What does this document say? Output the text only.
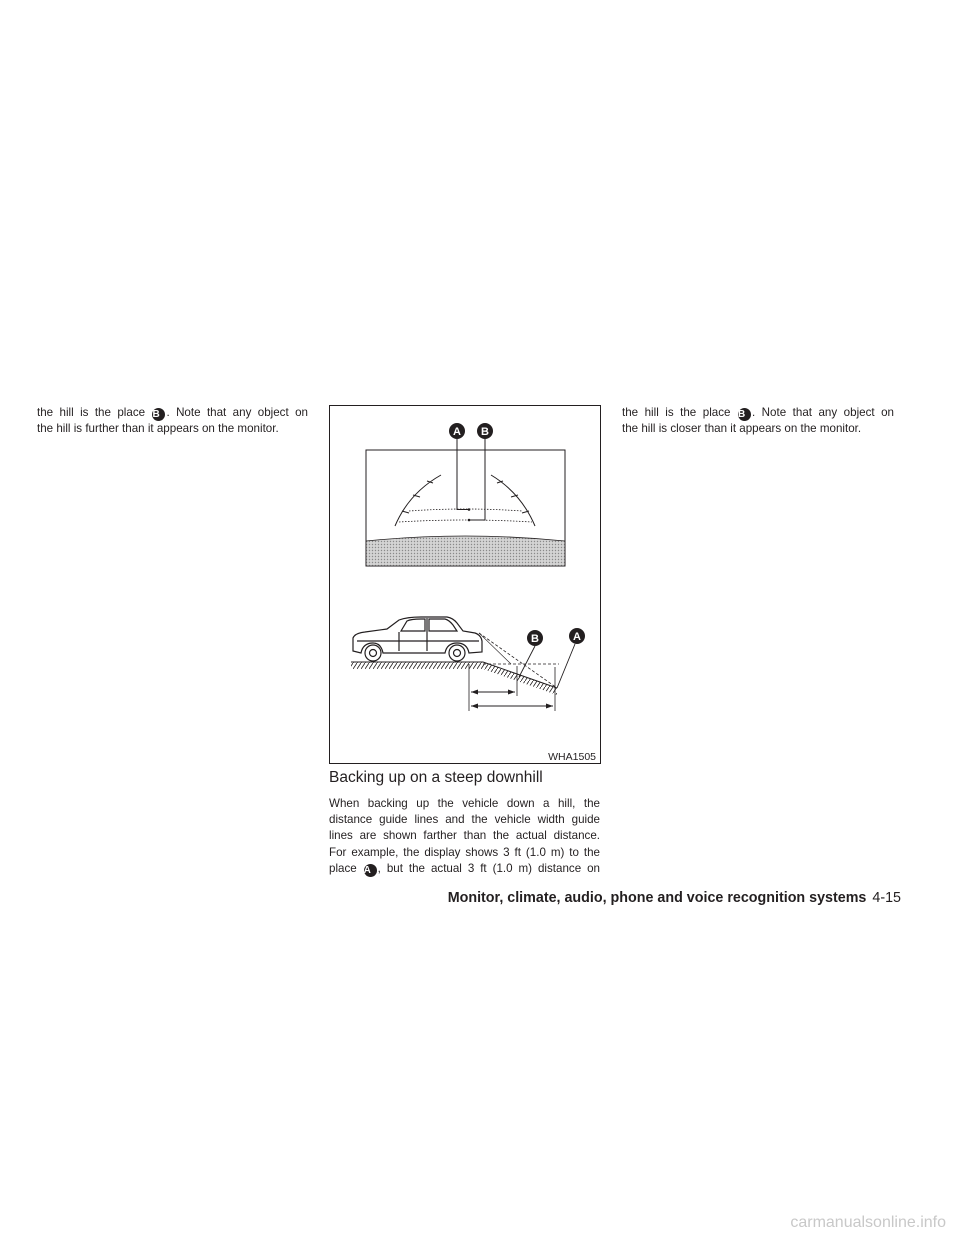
the hill is the place B . Note that any object on
the hill is further than it appears on the monitor.	A B
B	A
WHA1505
Backing up on a steep downhill
When backing up the vehicle down a hill, the
distance guide lines and the vehicle width guide
lines are shown farther than the actual distance.
For example, the display shows 3 ft (1.0 m) to the
place A , but the actual 3 ft (1.0 m) distance on
the hill is the place B . Note that any object on
the hill is closer than it appears on the monitor.

Monitor, climate, audio, phone and voice recognition systems 4-15

carmanualsonline.info
